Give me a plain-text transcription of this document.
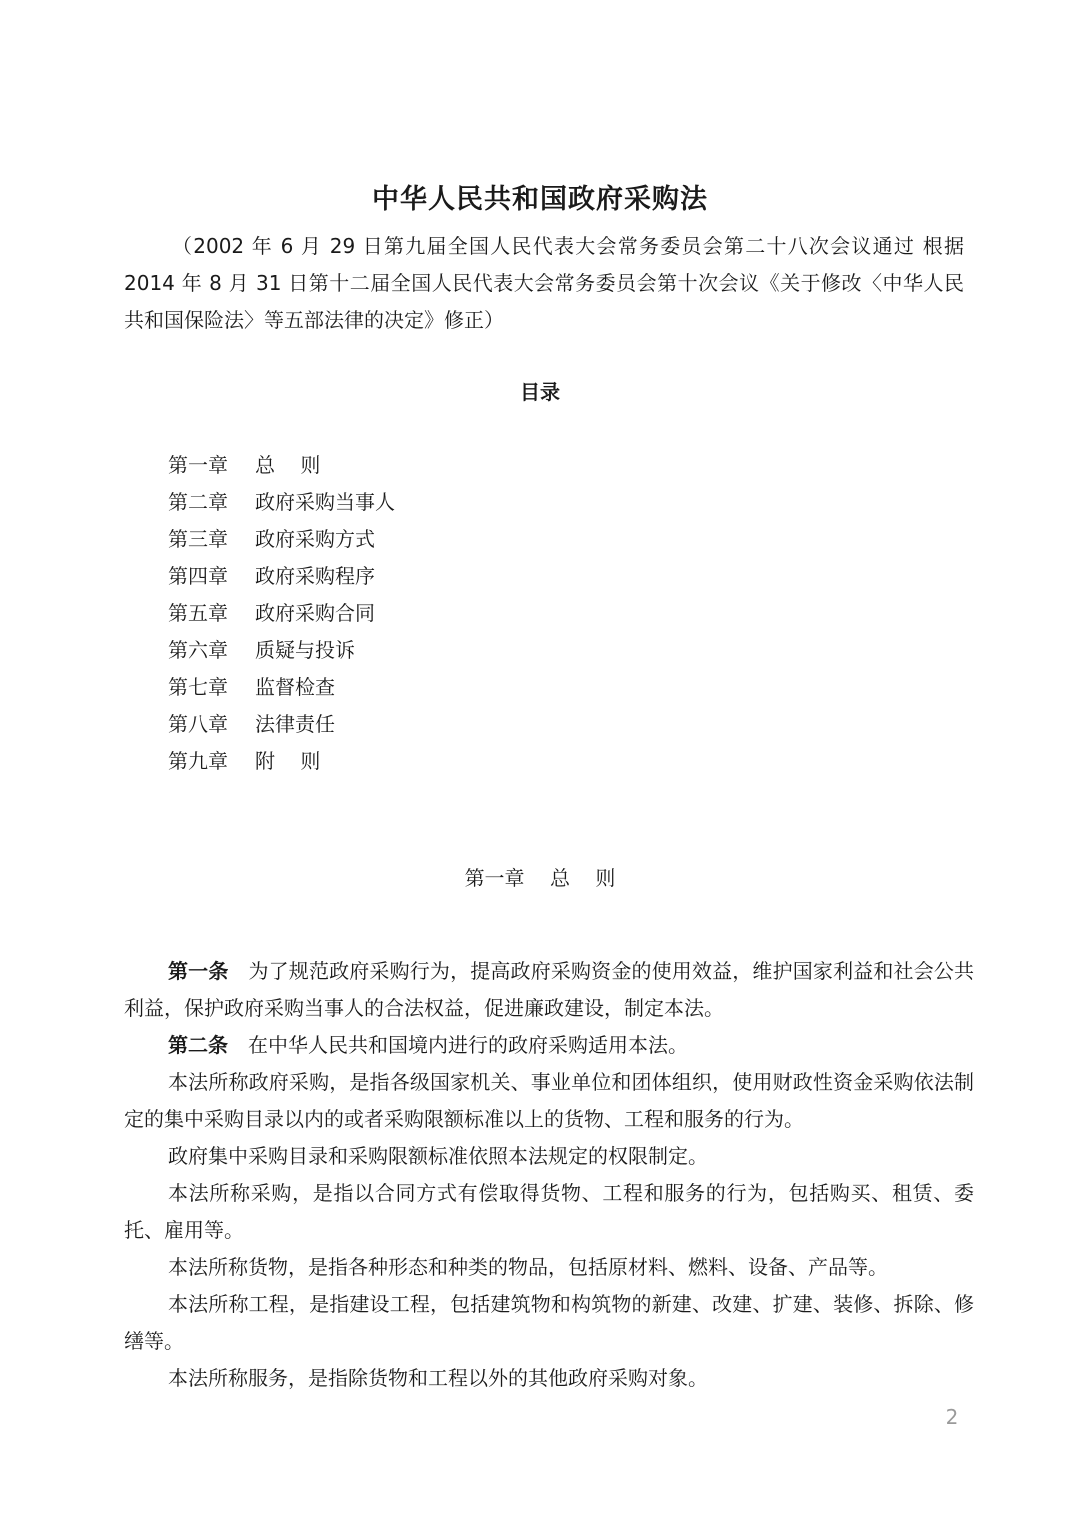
中华人民共和国政府采购法
（2002 年 6 月 29 日第九届全国人民代表大会常务委员会第二十八次会议通过 根据 2014 年 8 月 31 日第十二届全国人民代表大会常务委员会第十次会议《关于修改〈中华人民共和国保险法〉等五部法律的决定》修正）
目录
第一章 总    则
第二章 政府采购当事人
第三章 政府采购方式
第四章 政府采购程序
第五章 政府采购合同
第六章 质疑与投诉
第七章 监督检查
第八章 法律责任
第九章 附    则
第一章    总    则

第一条 为了规范政府采购行为，提高政府采购资金的使用效益，维护国家利益和社会公共利益，保护政府采购当事人的合法权益，促进廉政建设，制定本法。

第二条 在中华人民共和国境内进行的政府采购适用本法。

本法所称政府采购，是指各级国家机关、事业单位和团体组织，使用财政性资金采购依法制定的集中采购目录以内的或者采购限额标准以上的货物、工程和服务的行为。

政府集中采购目录和采购限额标准依照本法规定的权限制定。

本法所称采购，是指以合同方式有偿取得货物、工程和服务的行为，包括购买、租赁、委托、雇用等。

本法所称货物，是指各种形态和种类的物品，包括原材料、燃料、设备、产品等。

本法所称工程，是指建设工程，包括建筑物和构筑物的新建、改建、扩建、装修、拆除、修缮等。

本法所称服务，是指除货物和工程以外的其他政府采购对象。

2
